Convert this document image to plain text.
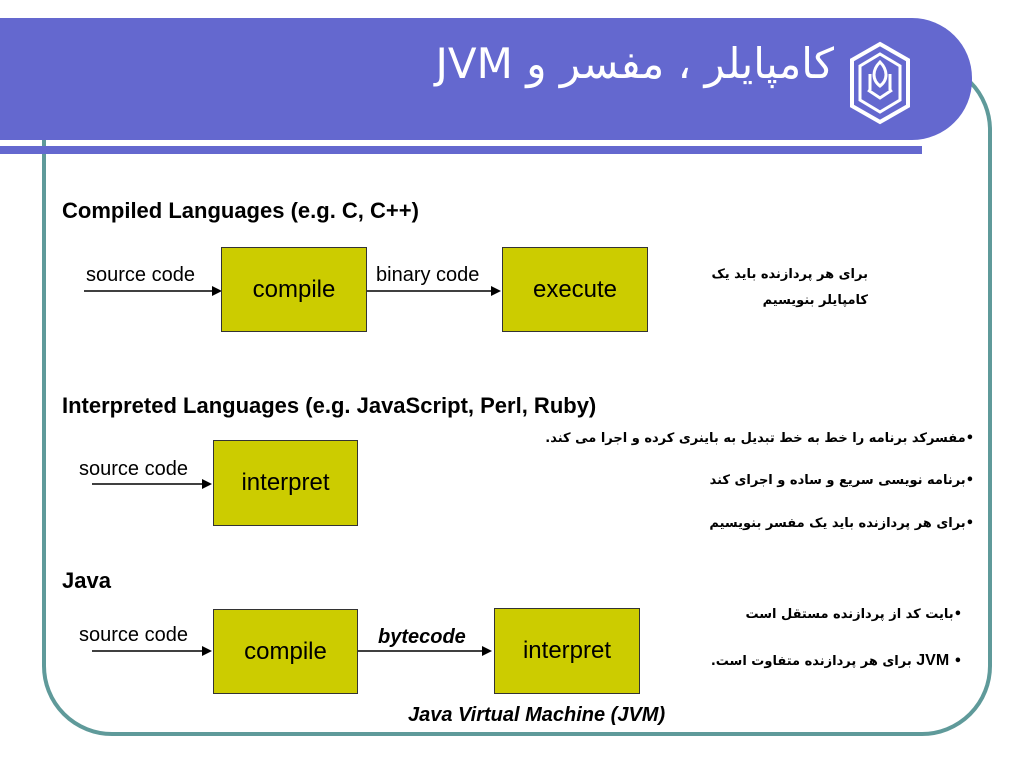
کامپایلر ، مفسر و JVM
Compiled Languages (e.g. C, C++)
source code
compile
binary code
execute
برای هر پردازنده باید یک
کامپایلر بنویسیم
Interpreted Languages (e.g. JavaScript, Perl, Ruby)
source code	interpret
• مفسرکد برنامه را خط به خط تبدیل به باینری کرده و اجرا می کند.
• برنامه نویسی سریع و ساده و اجرای کند
• برای هر پردازنده باید یک مفسر بنویسیم
Java
source code
compile
bytecode	interpret
• بایت کد از پردازنده مستقل است
• JVM برای هر پردازنده متفاوت است.
Java Virtual Machine (JVM)
